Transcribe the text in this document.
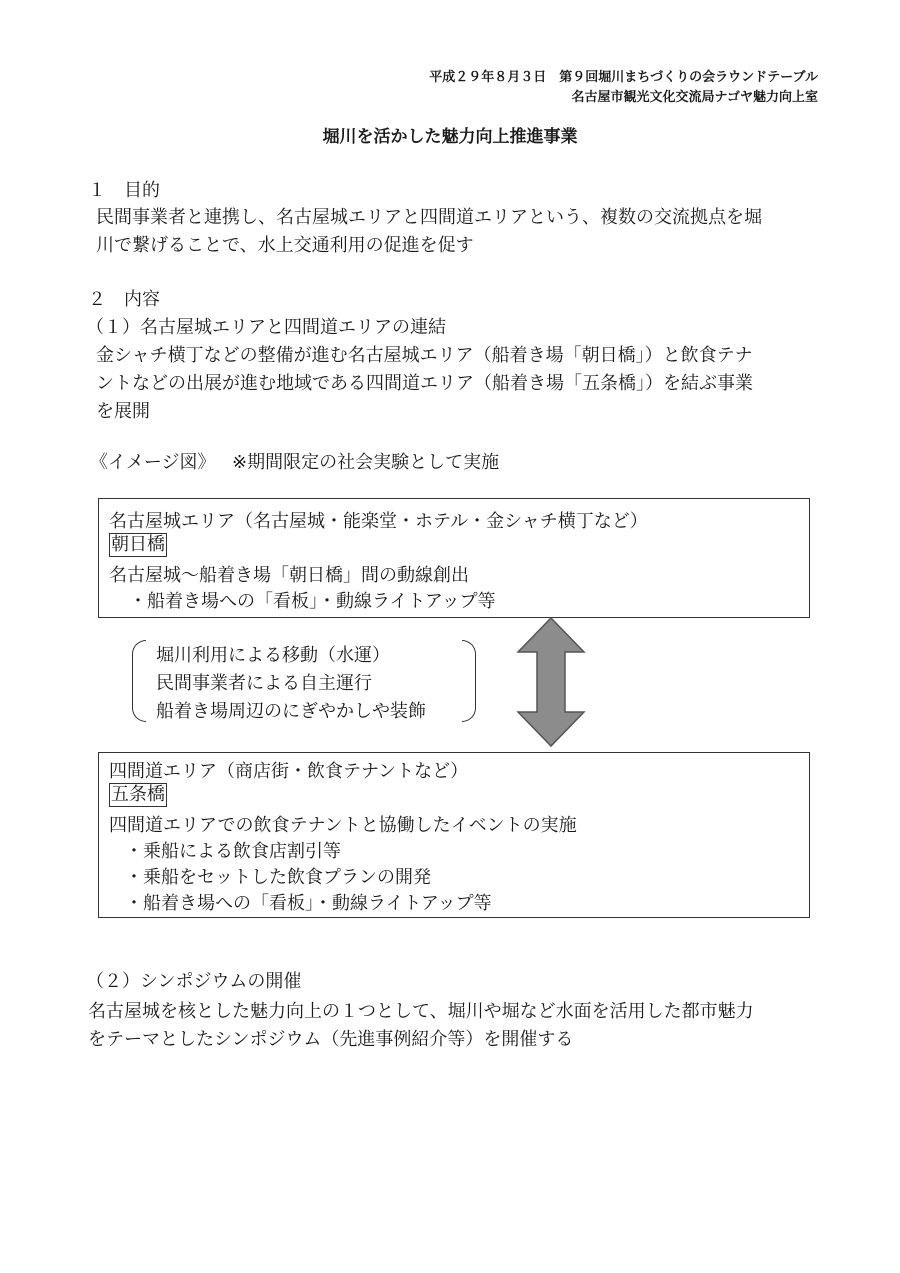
平成２９年８月３日　第９回堀川まちづくりの会ラウンドテーブル
名古屋市観光文化交流局ナゴヤ魅力向上室
堀川を活かした魅力向上推進事業
１　目的
民間事業者と連携し、名古屋城エリアと四間道エリアという、複数の交流拠点を堀
川で繋げることで、水上交通利用の促進を促す
２　内容
（１）名古屋城エリアと四間道エリアの連結
金シャチ横丁などの整備が進む名古屋城エリア（船着き場「朝日橋」）と飲食テナ
ントなどの出展が進む地域である四間道エリア（船着き場「五条橋」）を結ぶ事業
を展開
《イメージ図》 ※期間限定の社会実験として実施
名古屋城エリア（名古屋城・能楽堂・ホテル・金シャチ横丁など）
朝日橋
名古屋城～船着き場「朝日橋」間の動線創出
・船着き場への「看板」・動線ライトアップ等
堀川利用による移動（水運）
民間事業者による自主運行
船着き場周辺のにぎやかしや装飾
四間道エリア（商店街・飲食テナントなど）
五条橋
四間道エリアでの飲食テナントと協働したイベントの実施
・乗船による飲食店割引等
・乗船をセットした飲食プランの開発
・船着き場への「看板」・動線ライトアップ等
（２）シンポジウムの開催
名古屋城を核とした魅力向上の１つとして、堀川や堀など水面を活用した都市魅力
をテーマとしたシンポジウム（先進事例紹介等）を開催する
